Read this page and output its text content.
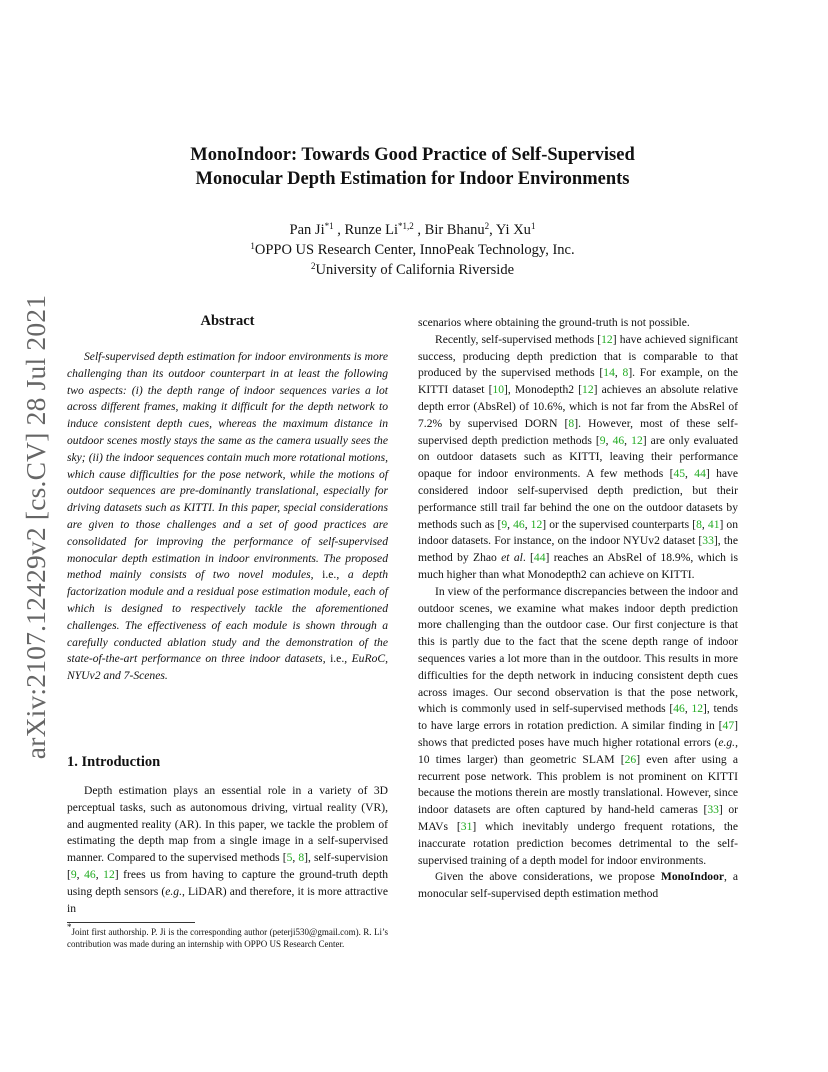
arXiv:2107.12429v2 [cs.CV] 28 Jul 2021
MonoIndoor: Towards Good Practice of Self-Supervised
Monocular Depth Estimation for Indoor Environments
Pan Ji$^{*1}$ , Runze Li$^{*1,2}$ , Bir Bhanu$^2$, Yi Xu$^1$
$^1$OPPO US Research Center, InnoPeak Technology, Inc.
$^2$University of California Riverside
Abstract

Self-supervised depth estimation for indoor environments is more challenging than its outdoor counterpart in at least the following two aspects: (i) the depth range of indoor sequences varies a lot across different frames, making it difficult for the depth network to induce consistent depth cues, whereas the maximum distance in outdoor scenes mostly stays the same as the camera usually sees the sky; (ii) the indoor sequences contain much more rotational motions, which cause difficulties for the pose network, while the motions of outdoor sequences are pre-dominantly translational, especially for driving datasets such as KITTI. In this paper, special considerations are given to those challenges and a set of good practices are consolidated for improving the performance of self-supervised monocular depth estimation in indoor environments. The proposed method mainly consists of two novel modules, i.e., a depth factorization module and a residual pose estimation module, each of which is designed to respectively tackle the aforementioned challenges. The effectiveness of each module is shown through a carefully conducted ablation study and the demonstration of the state-of-the-art performance on three indoor datasets, i.e., EuRoC, NYUv2 and 7-Scenes.

1. Introduction

Depth estimation plays an essential role in a variety of 3D perceptual tasks, such as autonomous driving, virtual reality (VR), and augmented reality (AR). In this paper, we tackle the problem of estimating the depth map from a single image in a self-supervised manner. Compared to the supervised methods [5, 8], self-supervision [9, 46, 12] frees us from having to capture the ground-truth depth using depth sensors (e.g., LiDAR) and therefore, it is more attractive in

*Joint first authorship. P. Ji is the corresponding author (peterji530@gmail.com). R. Li’s contribution was made during an internship with OPPO US Research Center.

scenarios where obtaining the ground-truth is not possible.

Recently, self-supervised methods [12] have achieved significant success, producing depth prediction that is comparable to that produced by the supervised methods [14, 8]. For example, on the KITTI dataset [10], Monodepth2 [12] achieves an absolute relative depth error (AbsRel) of 10.6%, which is not far from the AbsRel of 7.2% by supervised DORN [8]. However, most of these self-supervised depth prediction methods [9, 46, 12] are only evaluated on outdoor datasets such as KITTI, leaving their performance opaque for indoor environments. A few methods [45, 44] have considered indoor self-supervised depth prediction, but their performance still trail far behind the one on the outdoor datasets by methods such as [9, 46, 12] or the supervised counterparts [8, 41] on indoor datasets. For instance, on the indoor NYUv2 dataset [33], the method by Zhao et al. [44] reaches an AbsRel of 18.9%, which is much higher than what Monodepth2 can achieve on KITTI.

In view of the performance discrepancies between the indoor and outdoor scenes, we examine what makes indoor depth prediction more challenging than the outdoor case. Our first conjecture is that this is partly due to the fact that the scene depth range of indoor sequences varies a lot more than in the outdoor. This results in more difficulties for the depth network in inducing consistent depth cues across images. Our second observation is that the pose network, which is commonly used in self-supervised methods [46, 12], tends to have large errors in rotation prediction. A similar finding in [47] shows that predicted poses have much higher rotational errors (e.g., 10 times larger) than geometric SLAM [26] even after using a recurrent pose network. This problem is not prominent on KITTI because the motions therein are mostly translational. However, since indoor datasets are often captured by hand-held cameras [33] or MAVs [31] which inevitably undergo frequent rotations, the inaccurate rotation prediction becomes detrimental to the self-supervised training of a depth model for indoor environments.

Given the above considerations, we propose MonoIndoor, a monocular self-supervised depth estimation method
